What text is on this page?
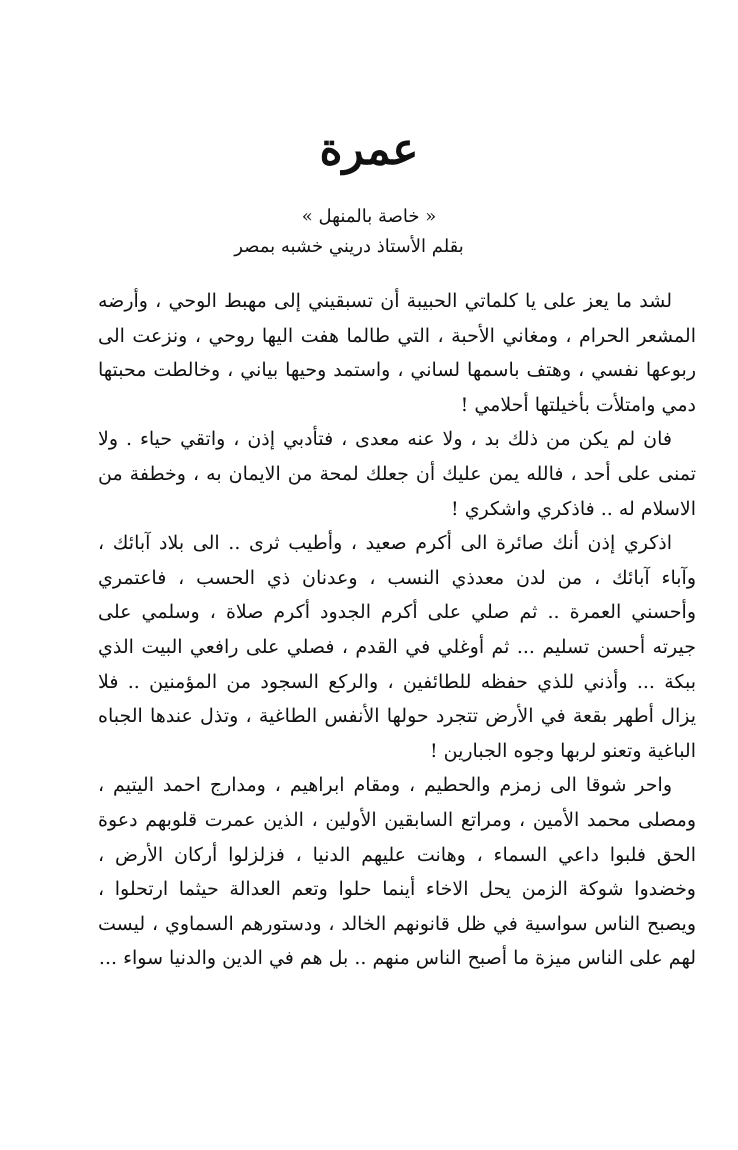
عمرة
« خاصة بالمنهل »
بقلم الأستاذ دريني خشبه بمصر

لشد ما يعز على يا كلماتي الحبيبة أن تسبقيني إلى مهبط الوحي ، وأرضه المشعر الحرام ، ومغاني الأحبة ، التي طالما هفت اليها روحي ، ونزعت الى ربوعها نفسي ، وهتف باسمها لساني ، واستمد وحيها بياني ، وخالطت محبتها دمي وامتلأت بأخيلتها أحلامي !

فان لم يكن من ذلك بد ، ولا عنه معدى ، فتأدبي إذن ، واتقي حياء . ولا تمنى على أحد ، فالله يمن عليك أن جعلك لمحة من الايمان به ، وخطفة من الاسلام له .. فاذكري واشكري !

اذكري إذن أنك صائرة الى أكرم صعيد ، وأطيب ثرى .. الى بلاد آبائك ، وآباء آبائك ، من لدن معدذي النسب ، وعدنان ذي الحسب ، فاعتمري وأحسني العمرة .. ثم صلي على أكرم الجدود أكرم صلاة ، وسلمي على جيرته أحسن تسليم ... ثم أوغلي في القدم ، فصلي على رافعي البيت الذي ببكة ... وأذني للذي حفظه للطائفين ، والركع السجود من المؤمنين .. فلا يزال أطهر بقعة في الأرض تتجرد حولها الأنفس الطاغية ، وتذل عندها الجباه الباغية وتعنو لربها وجوه الجبارين !

واحر شوقا الى زمزم والحطيم ، ومقام ابراهيم ، ومدارج احمد اليتيم ، ومصلى محمد الأمين ، ومراتع السابقين الأولين ، الذين عمرت قلوبهم دعوة الحق فلبوا داعي السماء ، وهانت عليهم الدنيا ، فزلزلوا أركان الأرض ، وخضدوا شوكة الزمن يحل الاخاء أينما حلوا وتعم العدالة حيثما ارتحلوا ، ويصبح الناس سواسية في ظل قانونهم الخالد ، ودستورهم السماوي ، ليست لهم على الناس ميزة ما أصبح الناس منهم .. بل هم في الدين والدنيا سواء ...
